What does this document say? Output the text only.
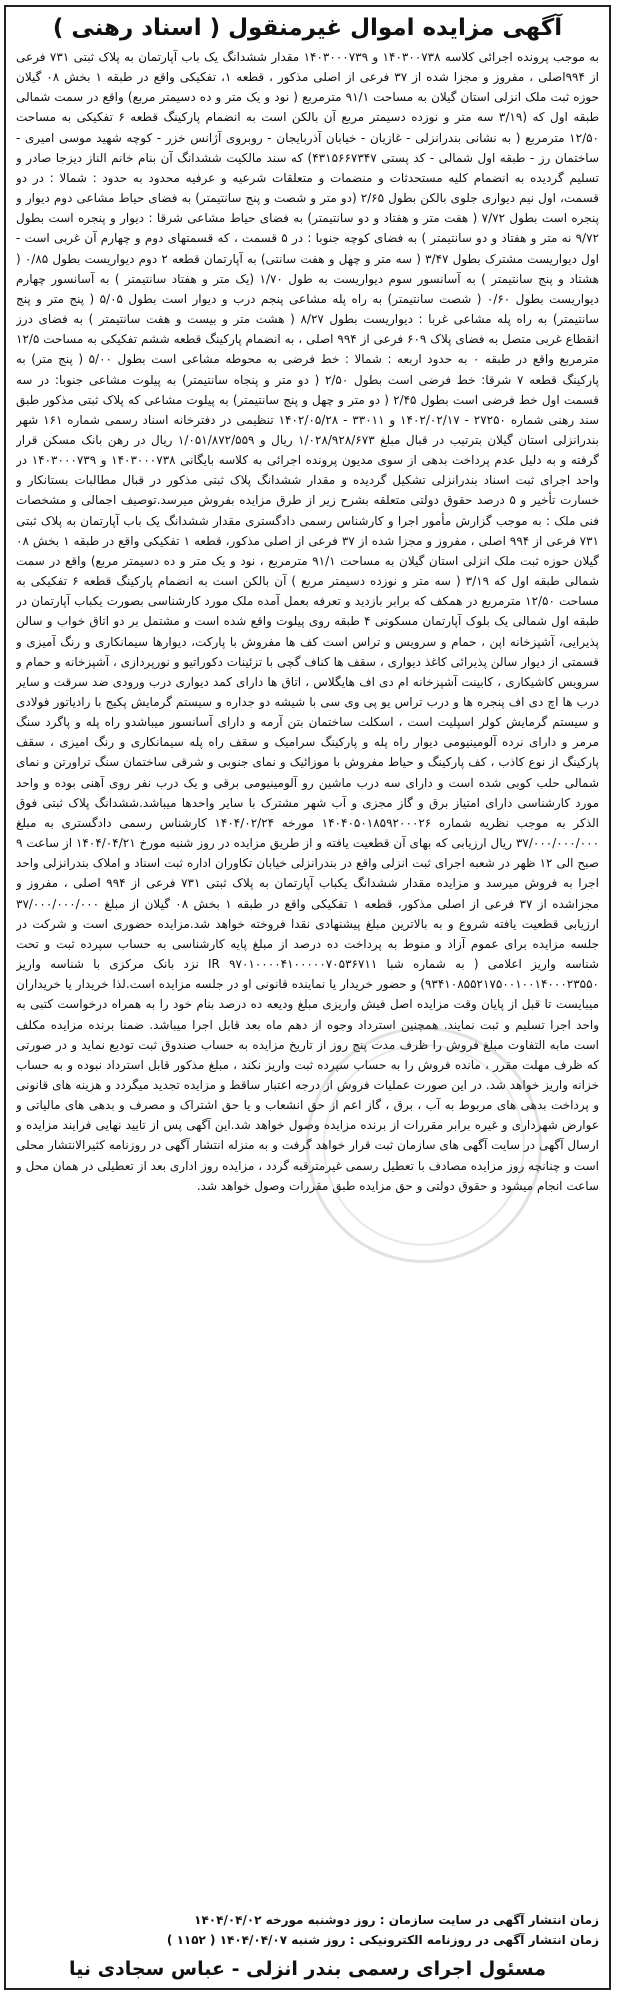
آگهی مزایده اموال غیرمنقول ( اسناد رهنی )

به موجب پرونده اجرائی کلاسه ۱۴۰۳۰۰۷۳۸ و ۱۴۰۳۰۰۰۷۳۹ مقدار ششدانگ یک باب آپارتمان به پلاک ثبتی ۷۳۱ فرعی از ۹۹۴اصلی ، مفروز و مجزا شده از ۳۷ فرعی از اصلی مذکور ، قطعه ۱، تفکیکی واقع در طبقه ۱ بخش ۰۸ گیلان حوزه ثبت ملک انزلی استان گیلان به مساحت ۹۱/۱ مترمربع ( نود و یک متر و ده دسیمتر مربع) واقع در سمت شمالی طبقه اول که (۳/۱۹ سه متر و نوزده دسیمتر مربع آن بالکن است به انضمام پارکینگ قطعه ۶ تفکیکی به مساحت ۱۲/۵۰ مترمربع ( به نشانی بندرانزلی - غازیان - خیابان آذربایجان - روبروی آژانس خزر - کوچه شهید موسی امیری - ساختمان رز - طبقه اول شمالی - کد پستی ۴۳۱۵۶۶۷۳۴۷) که سند مالکیت ششدانگ آن بنام خانم الناز دیزجا صادر و تسلیم گردیده به انضمام کلیه مستحدثات و منضمات و متعلقات شرعیه و عرفیه محدود به حدود : شمالا : در دو قسمت، اول نیم دیواری جلوی بالکن بطول ۲/۶۵ (دو متر و شصت و پنج سانتیمتر) به فضای حیاط مشاعی دوم دیوار و پنجره است بطول ۷/۷۲ ( هفت متر و هفتاد و دو سانتیمتر) به فضای حیاط مشاعی شرقا : دیوار و پنجره است بطول ۹/۷۲ نه متر و هفتاد و دو سانتیمتر ) به فضای کوچه جنوبا : در ۵ قسمت ، که قسمتهای دوم و چهارم آن غربی است - اول دیواریست مشترک بطول ۳/۴۷ ( سه متر و چهل و هفت سانتی) به آپارتمان قطعه ۲ دوم دیواریست بطول ۰/۸۵ ( هشتاد و پنج سانتیمتر ) به آسانسور سوم دیواریست به طول ۱/۷۰ (یک متر و هفتاد سانتیمتر ) به آسانسور چهارم دیواریست بطول ۰/۶۰ ( شصت سانتیمتر) به راه پله مشاعی پنجم درب و دیوار است بطول ۵/۰۵ ( پنج متر و پنج سانتیمتر) به راه پله مشاعی غربا : دیواریست بطول ۸/۲۷ ( هشت متر و بیست و هفت سانتیمتر ) به فضای درز انقطاع غربی متصل به فضای پلاک ۶۰۹ فرعی از ۹۹۴ اصلی ، به انضمام پارکینگ قطعه ششم تفکیکی به مساحت ۱۲/۵ مترمربع واقع در طبقه ۰ به حدود اربعه : شمالا : خط فرضی به محوطه مشاعی است بطول ۵/۰۰ ( پنج متر) به پارکینگ قطعه ۷ شرقا: خط فرضی است بطول ۲/۵۰ ( دو متر و پنجاه سانتیمتر) به پیلوت مشاعی جنوبا: در سه قسمت اول خط فرضی است بطول ۲/۴۵ ( دو متر و چهل و پنج سانتیمتر) به پیلوت مشاعی که پلاک ثبتی مذکور طبق سند رهنی شماره ۲۷۲۵۰ - ۱۴۰۲/۰۲/۱۷ و ۳۳۰۱۱ - ۱۴۰۲/۰۵/۲۸ تنظیمی در دفترخانه اسناد رسمی شماره ۱۶۱ شهر بندرانزلی استان گیلان بترتیب در قبال مبلغ ۱/۰۲۸/۹۲۸/۶۷۳ ریال و ۱/۰۵۱/۸۷۲/۵۵۹ ریال در رهن بانک مسکن قرار گرفته و به دلیل عدم پرداخت بدهی از سوی مدیون پرونده اجرائی به کلاسه بایگانی ۱۴۰۳۰۰۰۷۳۸ و ۱۴۰۳۰۰۰۷۳۹ در واحد اجرای ثبت اسناد بندرانزلی تشکیل گردیده و مقدار ششدانگ پلاک ثبتی مذکور در قبال مطالبات بستانکار و خسارت تأخیر و ۵ درصد حقوق دولتی متعلقه بشرح زیر از طرق مزایده بفروش میرسد.توصیف اجمالی و مشخصات فنی ملک : به موجب گزارش مأمور اجرا و کارشناس رسمی دادگستری مقدار ششدانگ یک باب آپارتمان به پلاک ثبتی ۷۳۱ فرعی از ۹۹۴ اصلی ، مفروز و مجزا شده از ۳۷ فرعی از اصلی مذکور، قطعه ۱ تفکیکی واقع در طبقه ۱ بخش ۰۸ گیلان حوزه ثبت ملک انزلی استان گیلان به مساحت ۹۱/۱ مترمربع ، نود و یک متر و ده دسیمتر مربع) واقع در سمت شمالی طبقه اول که ۳/۱۹ ( سه متر و نوزده دسیمتر مربع ) آن بالکن است به انضمام پارکینگ قطعه ۶ تفکیکی به مساحت ۱۲/۵۰ مترمربع در همکف که برابر بازدید و تعرفه بعمل آمده ملک مورد کارشناسی بصورت یکباب آپارتمان در طبقه اول شمالی یک بلوک آپارتمان مسکونی ۴ طبقه روی پیلوت واقع شده است و مشتمل بر دو اتاق خواب و سالن پذیرایی، آشپزخانه اپن ، حمام و سرویس و تراس است کف ها مفروش با پارکت، دیوارها سیمانکاری و رنگ آمیزی و قسمتی از دیوار سالن پذیرائی کاغذ دیواری ، سقف ها کناف گچی با تزئینات دکوراتیو و نورپردازی ، آشپزخانه و حمام و سرویس کاشیکاری ، کابینت آشپزخانه ام دی اف هایگلاس ، اتاق ها دارای کمد دیواری درب ورودی ضد سرقت و سایر درب ها اچ دی اف پنجره ها و درب تراس یو پی وی سی با شیشه دو جداره و سیستم گرمایش پکیج با رادیاتور فولادی و سیستم گرمایش کولر اسپلیت است ، اسکلت ساختمان بتن آرمه و دارای آسانسور میباشدو راه پله و پاگرد سنگ مرمر و دارای نرده آلومینیومی دیوار راه پله و پارکینگ سرامیک و سقف راه پله سیمانکاری و رنگ امیزی ، سقف پارکینگ از نوع کاذب ، کف پارکینگ و حیاط مفروش با موزائیک و نمای جنوبی و شرقی ساختمان سنگ تراورتن و نمای شمالی حلب کوبی شده است و دارای سه درب ماشین رو آلومینیومی برقی و یک درب نفر روی آهنی بوده و واحد مورد کارشناسی دارای امتیاز برق و گاز مجزی و آب شهر مشترک با سایر واحدها میباشد.ششدانگ پلاک ثبتی فوق الذکر به موجب نظریه شماره ۱۴۰۴۰۵۰۱۸۵۹۲۰۰۰۲۶ مورخه ۱۴۰۴/۰۲/۲۴ کارشناس رسمی دادگستری به مبلغ ۳۷/۰۰۰/۰۰۰/۰۰۰ ریال ارزیابی که بهای آن قطعیت یافته و از طریق مزایده در روز شنبه مورخ ۱۴۰۴/۰۴/۲۱ از ساعت ۹ صبح الی ۱۲ ظهر در شعبه اجرای ثبت انزلی واقع در بندرانزلی خیابان تکاوران اداره ثبت اسناد و املاک بندرانزلی واحد اجرا به فروش میرسد و مزایده مقدار ششدانگ یکباب آپارتمان به پلاک ثبتی ۷۳۱ فرعی از ۹۹۴ اصلی ، مفروز و مجزاشده از ۳۷ فرعی از اصلی مذکور، قطعه ۱ تفکیکی واقع در طبقه ۱ بخش ۰۸ گیلان از مبلغ ۳۷/۰۰۰/۰۰۰/۰۰۰ ارزیابی قطعیت یافته شروع و به بالاترین مبلغ پیشنهادی نقدا فروخته خواهد شد.مزایده حضوری است و شرکت در جلسه مزایده برای عموم آزاد و منوط به پرداخت ده درصد از مبلغ پایه کارشناسی به حساب سپرده ثبت و تحت شناسه واریز اعلامی ( به شماره شبا IR ۹۷۰۱۰۰۰۰۴۱۰۰۰۰۰۷۰۵۳۶۷۱۱ نزد بانک مرکزی با شناسه واریز ۹۳۴۱۰۸۵۵۲۱۷۵۰۰۱۰۰۱۴۰۰۰۲۳۵۵۰) و حضور خریدار یا نماینده قانونی او در جلسه مزایده است.لذا خریدار یا خریداران میبایست تا قبل از پایان وقت مزایده اصل فیش واریزی مبلغ ودیعه ده درصد بنام خود را به همراه درخواست کتبی به واحد اجرا تسلیم و ثبت نمایند. همچنین استرداد وجوه از دهم ماه بعد قابل اجرا میباشد. ضمنا برنده مزایده مکلف است مابه التفاوت مبلغ فروش را ظرف مدت پنج روز از تاریخ مزایده به حساب صندوق ثبت تودیع نماید و در صورتی که ظرف مهلت مقرر ، مانده فروش را به حساب سپرده ثبت واریز نکند ، مبلغ مذکور قابل استرداد نبوده و به حساب خزانه واریز خواهد شد. در این صورت عملیات فروش از درجه اعتبار ساقط و مزایده تجدید میگردد و هزینه های قانونی و پرداخت بدهی های مربوط به آب ، برق ، گاز اعم از حق انشعاب و یا حق اشتراک و مصرف و بدهی های مالیاتی و عوارض شهرداری و غیره برابر مقررات از برنده مزایده وصول خواهد شد.این آگهی پس از تایید نهایی فرایند مزایده و ارسال آگهی در سایت آگهی های سازمان ثبت قرار خواهد گرفت و به منزله انتشار آگهی در روزنامه کثیرالانتشار محلی است و چنانچه روز مزایده مصادف با تعطیل رسمی غیرمترقبه گردد ، مزایده روز اداری بعد از تعطیلی در همان محل و ساعت انجام میشود و حقوق دولتی و حق مزایده طبق مقررات وصول خواهد شد.

زمان انتشار آگهی در سایت سازمان : روز دوشنبه مورخه ۱۴۰۴/۰۴/۰۲
زمان انتشار آگهی در روزنامه الکترونیکی : روز شنبه ۱۴۰۴/۰۴/۰۷ ( ۱۱۵۲ )
مسئول اجرای رسمی بندر انزلی - عباس سجادی نیا
